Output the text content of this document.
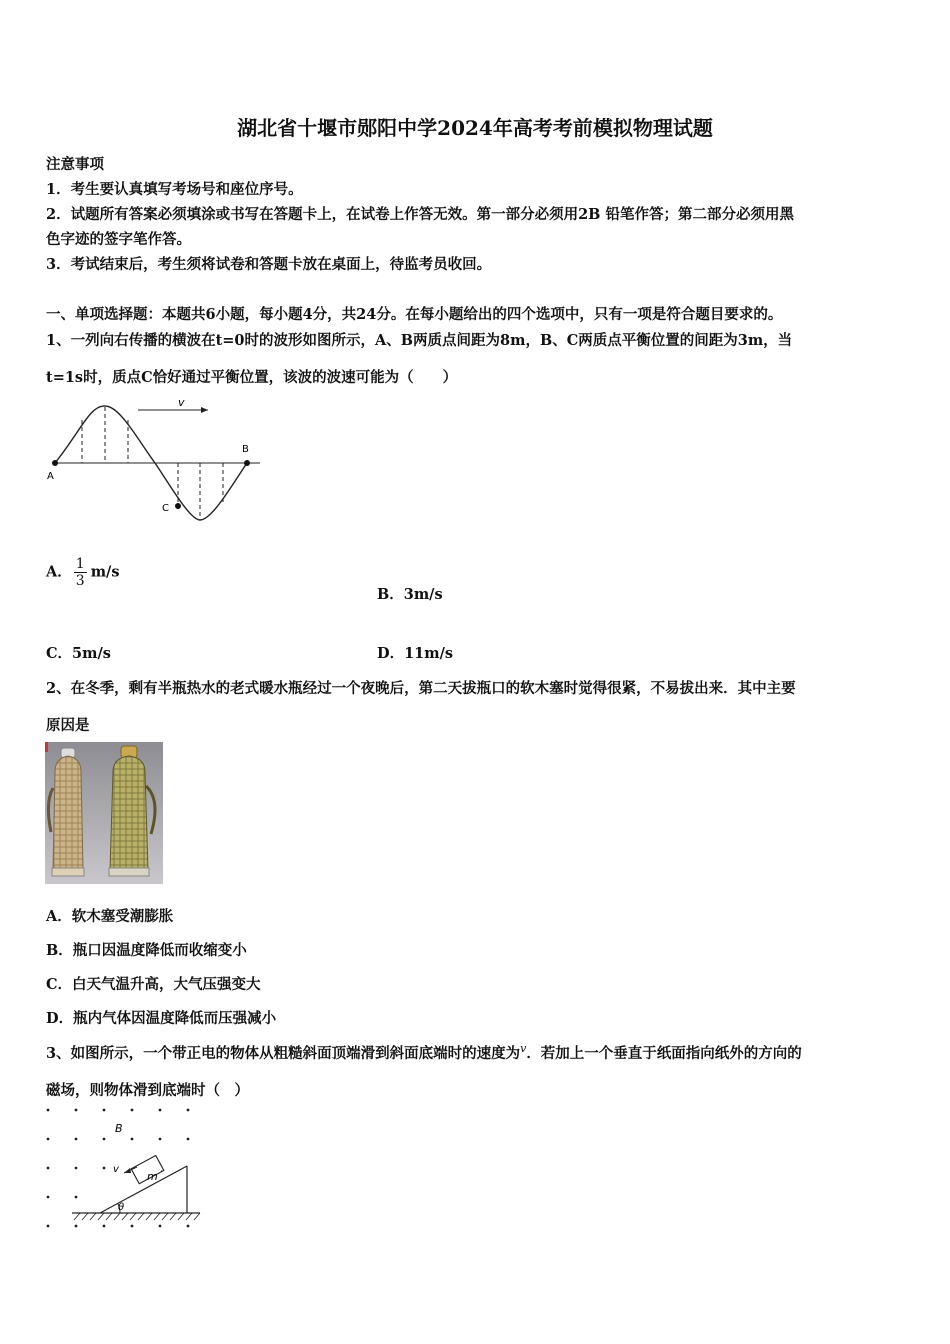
湖北省十堰市郧阳中学2024年高考考前模拟物理试题
注意事项
1．考生要认真填写考场号和座位序号。
2．试题所有答案必须填涂或书写在答题卡上，在试卷上作答无效。第一部分必须用2B 铅笔作答；第二部分必须用黑
色字迹的签字笔作答。
3．考试结束后，考生须将试卷和答题卡放在桌面上，待监考员收回。
一、单项选择题：本题共6小题，每小题4分，共24分。在每小题给出的四个选项中，只有一项是符合题目要求的。
1、一列向右传播的横波在t=0时的波形如图所示，A、B两质点间距为8m，B、C两质点平衡位置的间距为3m，当
t=1s时，质点C恰好通过平衡位置，该波的波速可能为（　　）
v
A
B
C
A． $\frac{1}{3} m/s$
B．3m/s
C．5m/s	D．11m/s
2、在冬季，剩有半瓶热水的老式暖水瓶经过一个夜晚后，第二天拔瓶口的软木塞时觉得很紧，不易拔出来．其中主要
原因是
A．软木塞受潮膨胀
B．瓶口因温度降低而收缩变小
C．白天气温升高，大气压强变大
D．瓶内气体因温度降低而压强减小
3、如图所示，一个带正电的物体从粗糙斜面顶端滑到斜面底端时的速度为$^v$．若加上一个垂直于纸面指向纸外的方向的
磁场，则物体滑到底端时（　）
B
θ
m ·
v
